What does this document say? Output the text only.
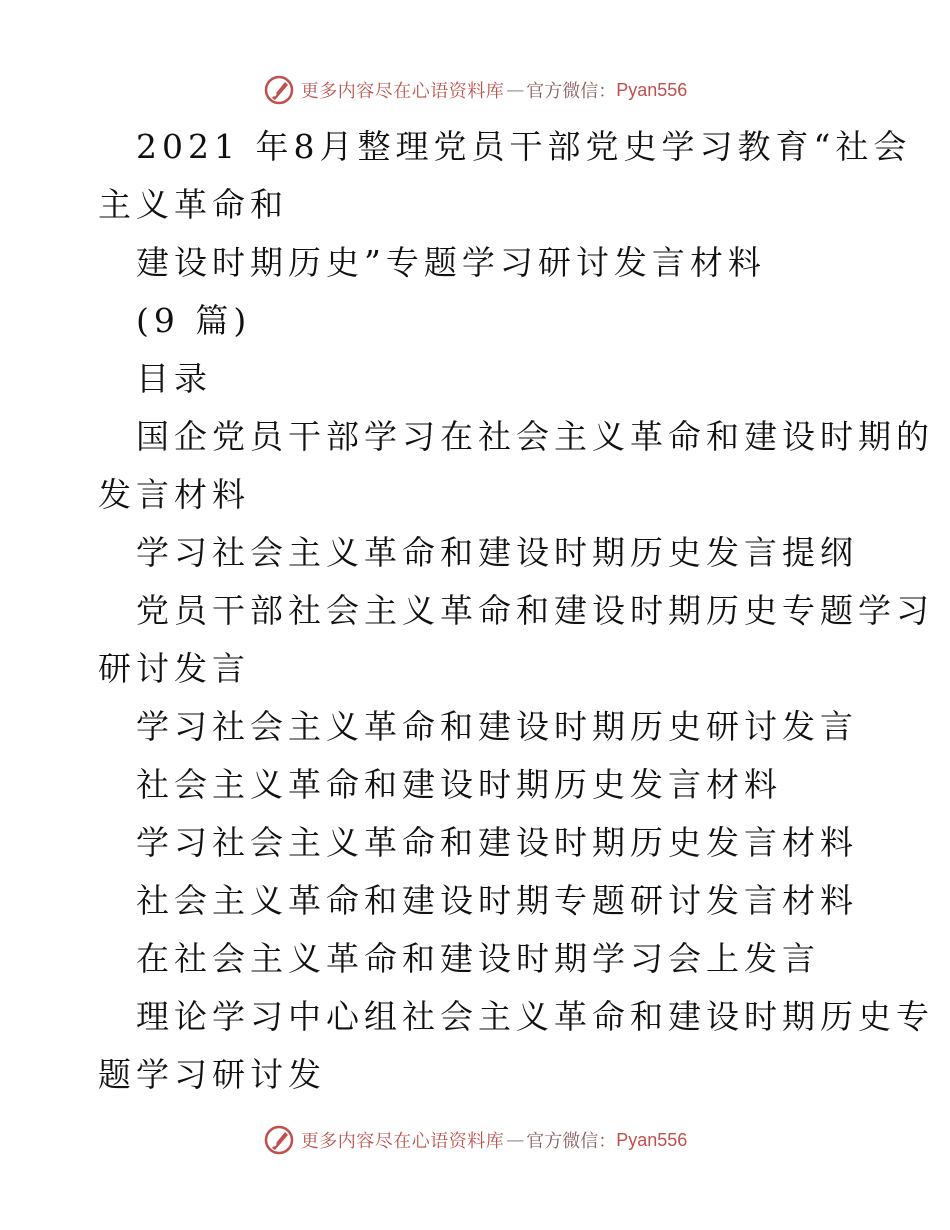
更多内容尽在心语资料库 — 官方微信： Pyan556

2021 年8月整理党员干部党史学习教育“社会

主义革命和

建设时期历史”专题学习研讨发言材料

(9 篇)

目录

国企党员干部学习在社会主义革命和建设时期的

发言材料

学习社会主义革命和建设时期历史发言提纲

党员干部社会主义革命和建设时期历史专题学习

研讨发言

学习社会主义革命和建设时期历史研讨发言

社会主义革命和建设时期历史发言材料

学习社会主义革命和建设时期历史发言材料

社会主义革命和建设时期专题研讨发言材料

在社会主义革命和建设时期学习会上发言

理论学习中心组社会主义革命和建设时期历史专

题学习研讨发

更多内容尽在心语资料库 — 官方微信： Pyan556
